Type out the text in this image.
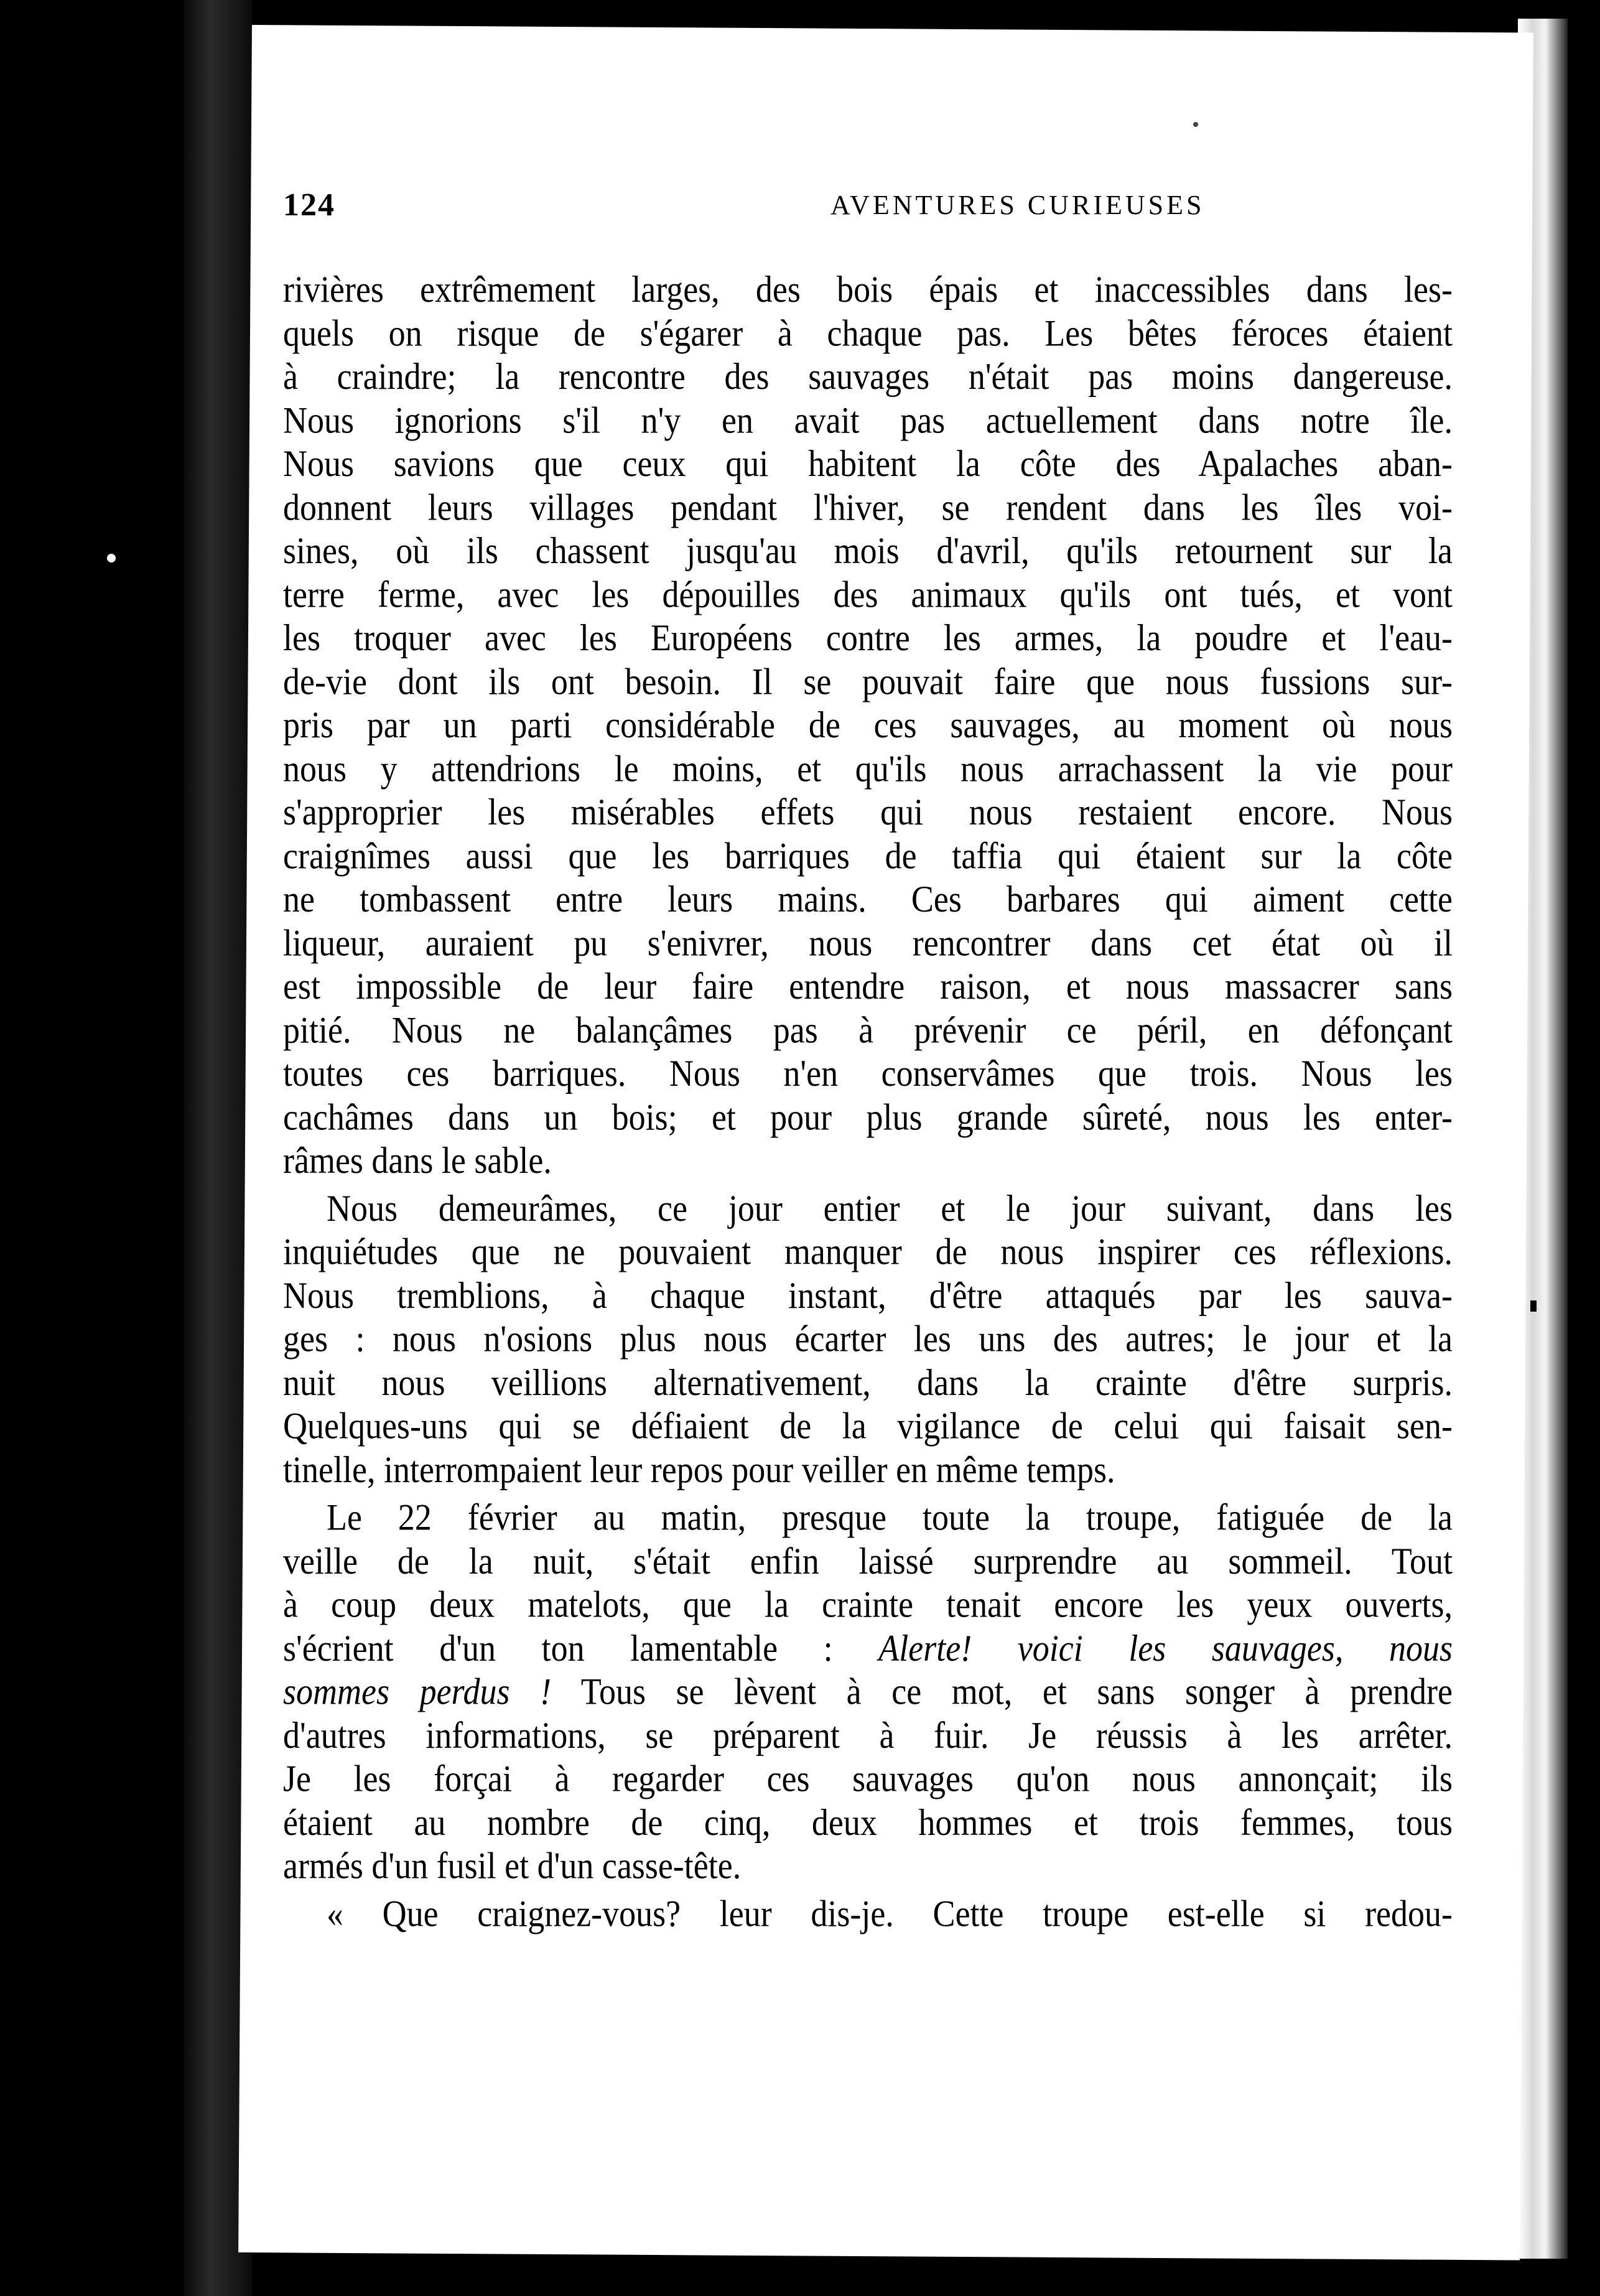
124	AVENTURES CURIEUSES
rivières extrêmement larges, des bois épais et inaccessibles dans les-
quels on risque de s'égarer à chaque pas. Les bêtes féroces étaient
à craindre; la rencontre des sauvages n'était pas moins dangereuse.
Nous ignorions s'il n'y en avait pas actuellement dans notre île.
Nous savions que ceux qui habitent la côte des Apalaches aban-
donnent leurs villages pendant l'hiver, se rendent dans les îles voi-
sines, où ils chassent jusqu'au mois d'avril, qu'ils retournent sur la
terre ferme, avec les dépouilles des animaux qu'ils ont tués, et vont
les troquer avec les Européens contre les armes, la poudre et l'eau-
de-vie dont ils ont besoin. Il se pouvait faire que nous fussions sur-
pris par un parti considérable de ces sauvages, au moment où nous
nous y attendrions le moins, et qu'ils nous arrachassent la vie pour
s'approprier les misérables effets qui nous restaient encore. Nous
craignîmes aussi que les barriques de taffia qui étaient sur la côte
ne tombassent entre leurs mains. Ces barbares qui aiment cette
liqueur, auraient pu s'enivrer, nous rencontrer dans cet état où il
est impossible de leur faire entendre raison, et nous massacrer sans
pitié. Nous ne balançâmes pas à prévenir ce péril, en défonçant
toutes ces barriques. Nous n'en conservâmes que trois. Nous les
cachâmes dans un bois; et pour plus grande sûreté, nous les enter-
râmes dans le sable.
Nous demeurâmes, ce jour entier et le jour suivant, dans les
inquiétudes que ne pouvaient manquer de nous inspirer ces réflexions.
Nous tremblions, à chaque instant, d'être attaqués par les sauva-
ges : nous n'osions plus nous écarter les uns des autres; le jour et la
nuit nous veillions alternativement, dans la crainte d'être surpris.
Quelques-uns qui se défiaient de la vigilance de celui qui faisait sen-
tinelle, interrompaient leur repos pour veiller en même temps.
Le 22 février au matin, presque toute la troupe, fatiguée de la
veille de la nuit, s'était enfin laissé surprendre au sommeil. Tout
à coup deux matelots, que la crainte tenait encore les yeux ouverts,
s'écrient d'un ton lamentable : Alerte! voici les sauvages, nous
sommes perdus ! Tous se lèvent à ce mot, et sans songer à prendre
d'autres informations, se préparent à fuir. Je réussis à les arrêter.
Je les forçai à regarder ces sauvages qu'on nous annonçait; ils
étaient au nombre de cinq, deux hommes et trois femmes, tous
armés d'un fusil et d'un casse-tête.
« Que craignez-vous? leur dis-je. Cette troupe est-elle si redou-
